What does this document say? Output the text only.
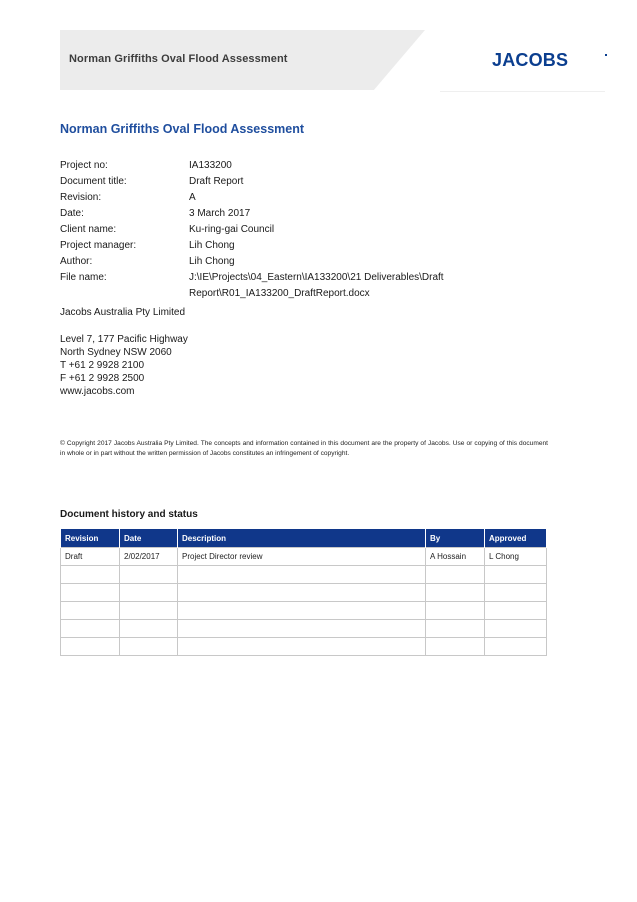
Norman Griffiths Oval Flood Assessment	JACOBS
Norman Griffiths Oval Flood Assessment
Project no:	IA133200
Document title:	Draft Report
Revision:	A
Date:	3 March 2017
Client name:	Ku-ring-gai Council
Project manager:	Lih Chong
Author:	Lih Chong
File name:	J:\IE\Projects\04_Eastern\IA133200\21 Deliverables\Draft Report\R01_IA133200_DraftReport.docx
Jacobs Australia Pty Limited
Level 7, 177 Pacific Highway
North Sydney NSW 2060
T +61 2 9928 2100
F +61 2 9928 2500
www.jacobs.com
© Copyright 2017 Jacobs Australia Pty Limited. The concepts and information contained in this document are the property of Jacobs. Use or copying of this document in whole or in part without the written permission of Jacobs constitutes an infringement of copyright.
Document history and status
Revision	Date	Description	By	Approved
Draft	2/02/2017	Project Director review	A Hossain	L Chong
